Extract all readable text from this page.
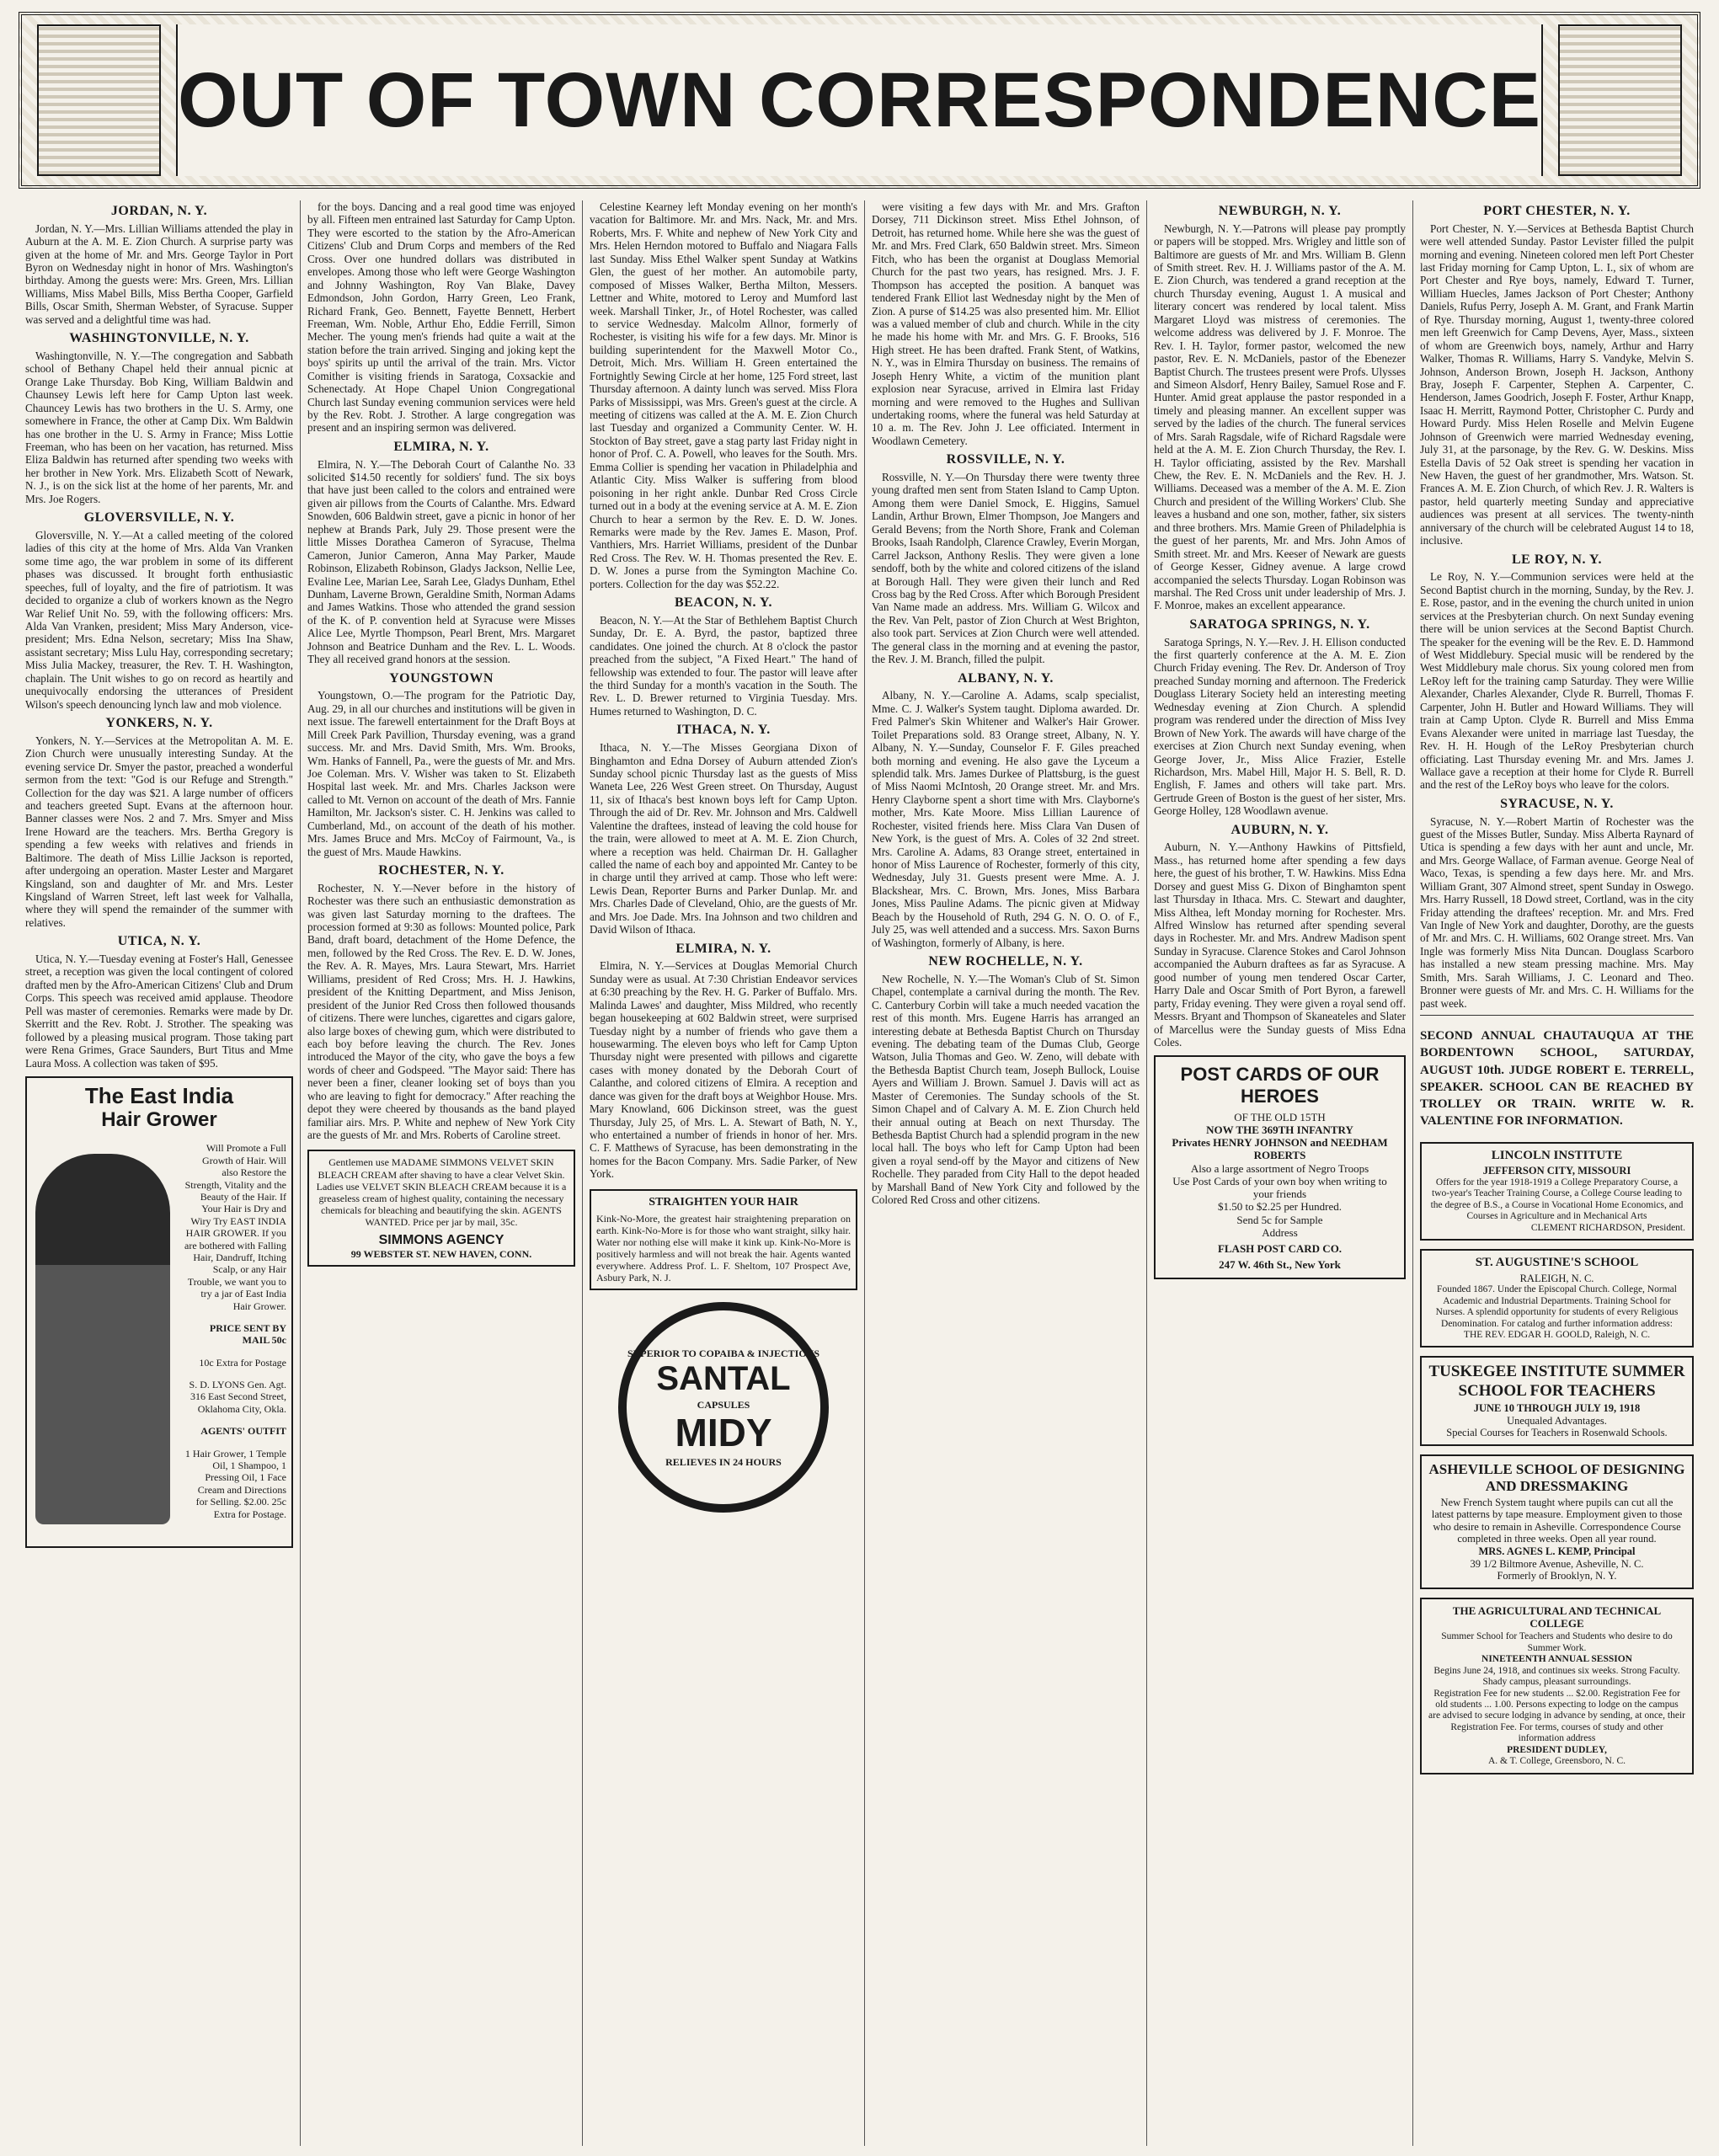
OUT OF TOWN CORRESPONDENCE
JORDAN, N. Y.

Jordan, N. Y.—Mrs. Lillian Williams attended the play in Auburn at the A. M. E. Zion Church. A surprise party was given at the home of Mr. and Mrs. George Taylor in Port Byron on Wednesday night in honor of Mrs. Washington's birthday. Among the guests were: Mrs. Green, Mrs. Lillian Williams, Miss Mabel Bills, Miss Bertha Cooper, Garfield Bills, Oscar Smith, Sherman Webster, of Syracuse. Supper was served and a delightful time was had.

WASHINGTONVILLE, N. Y.

Washingtonville, N. Y.—The congregation and Sabbath school of Bethany Chapel held their annual picnic at Orange Lake Thursday. Bob King, William Baldwin and Chaunsey Lewis left here for Camp Upton last week. Chauncey Lewis has two brothers in the U. S. Army, one somewhere in France, the other at Camp Dix. Wm Baldwin has one brother in the U. S. Army in France; Miss Lottie Freeman, who has been on her vacation, has returned. Miss Eliza Baldwin has returned after spending two weeks with her brother in New York. Mrs. Elizabeth Scott of Newark, N. J., is on the sick list at the home of her parents, Mr. and Mrs. Joe Rogers.

GLOVERSVILLE, N. Y.

Gloversville, N. Y.—At a called meeting of the colored ladies of this city at the home of Mrs. Alda Van Vranken some time ago, the war problem in some of its different phases was discussed. It brought forth enthusiastic speeches, full of loyalty, and the fire of patriotism. It was decided to organize a club of workers known as the Negro War Relief Unit No. 59, with the following officers: Mrs. Alda Van Vranken, president; Miss Mary Anderson, vice-president; Mrs. Edna Nelson, secretary; Miss Ina Shaw, assistant secretary; Miss Lulu Hay, corresponding secretary; Miss Julia Mackey, treasurer, the Rev. T. H. Washington, chaplain. The Unit wishes to go on record as heartily and unequivocally endorsing the utterances of President Wilson's speech denouncing lynch law and mob violence.

YONKERS, N. Y.

Yonkers, N. Y.—Services at the Metropolitan A. M. E. Zion Church were unusually interesting Sunday. At the evening service Dr. Smyer the pastor, preached a wonderful sermon from the text: "God is our Refuge and Strength." Collection for the day was $21. A large number of officers and teachers greeted Supt. Evans at the afternoon hour. Banner classes were Nos. 2 and 7. Mrs. Smyer and Miss Irene Howard are the teachers. Mrs. Bertha Gregory is spending a few weeks with relatives and friends in Baltimore. The death of Miss Lillie Jackson is reported, after undergoing an operation. Master Lester and Margaret Kingsland, son and daughter of Mr. and Mrs. Lester Kingsland of Warren Street, left last week for Valhalla, where they will spend the remainder of the summer with relatives.

UTICA, N. Y.

Utica, N. Y.—Tuesday evening at Foster's Hall, Genessee street, a reception was given the local contingent of colored drafted men by the Afro-American Citizens' Club and Drum Corps. This speech was received amid applause. Theodore Pell was master of ceremonies. Remarks were made by Dr. Skerritt and the Rev. Robt. J. Strother. The speaking was followed by a pleasing musical program. Those taking part were Rena Grimes, Grace Saunders, Burt Titus and Mme Laura Moss. A collection was taken of $95.

The East India
Hair Grower

Will Promote a Full Growth of Hair. Will also Restore the Strength, Vitality and the Beauty of the Hair. If Your Hair is Dry and Wiry Try EAST INDIA HAIR GROWER. If you are bothered with Falling Hair, Dandruff, Itching Scalp, or any Hair Trouble, we want you to try a jar of East India Hair Grower.

PRICE SENT BY MAIL 50c

10c Extra for Postage

S. D. LYONS Gen. Agt. 316 East Second Street, Oklahoma City, Okla.

AGENTS' OUTFIT

1 Hair Grower, 1 Temple Oil, 1 Shampoo, 1 Pressing Oil, 1 Face Cream and Directions for Selling. $2.00. 25c Extra for Postage.

for the boys. Dancing and a real good time was enjoyed by all. Fifteen men entrained last Saturday for Camp Upton. They were escorted to the station by the Afro-American Citizens' Club and Drum Corps and members of the Red Cross. Over one hundred dollars was distributed in envelopes. Among those who left were George Washington and Johnny Washington, Roy Van Blake, Davey Edmondson, John Gordon, Harry Green, Leo Frank, Richard Frank, Geo. Bennett, Fayette Bennett, Herbert Freeman, Wm. Noble, Arthur Eho, Eddie Ferrill, Simon Mecher. The young men's friends had quite a wait at the station before the train arrived. Singing and joking kept the boys' spirits up until the arrival of the train. Mrs. Victor Comither is visiting friends in Saratoga, Coxsackie and Schenectady. At Hope Chapel Union Congregational Church last Sunday evening communion services were held by the Rev. Robt. J. Strother. A large congregation was present and an inspiring sermon was delivered.

ELMIRA, N. Y.

Elmira, N. Y.—The Deborah Court of Calanthe No. 33 solicited $14.50 recently for soldiers' fund. The six boys that have just been called to the colors and entrained were given air pillows from the Courts of Calanthe. Mrs. Edward Snowden, 606 Baldwin street, gave a picnic in honor of her nephew at Brands Park, July 29. Those present were the little Misses Dorathea Cameron of Syracuse, Thelma Cameron, Junior Cameron, Anna May Parker, Maude Robinson, Elizabeth Robinson, Gladys Jackson, Nellie Lee, Evaline Lee, Marian Lee, Sarah Lee, Gladys Dunham, Ethel Dunham, Laverne Brown, Geraldine Smith, Norman Adams and James Watkins. Those who attended the grand session of the K. of P. convention held at Syracuse were Misses Alice Lee, Myrtle Thompson, Pearl Brent, Mrs. Margaret Johnson and Beatrice Dunham and the Rev. L. L. Woods. They all received grand honors at the session.

YOUNGSTOWN

Youngstown, O.—The program for the Patriotic Day, Aug. 29, in all our churches and institutions will be given in next issue. The farewell entertainment for the Draft Boys at Mill Creek Park Pavillion, Thursday evening, was a grand success. Mr. and Mrs. David Smith, Mrs. Wm. Brooks, Wm. Hanks of Fannell, Pa., were the guests of Mr. and Mrs. Joe Coleman. Mrs. V. Wisher was taken to St. Elizabeth Hospital last week. Mr. and Mrs. Charles Jackson were called to Mt. Vernon on account of the death of Mrs. Fannie Hamilton, Mr. Jackson's sister. C. H. Jenkins was called to Cumberland, Md., on account of the death of his mother. Mrs. James Bruce and Mrs. McCoy of Fairmount, Va., is the guest of Mrs. Maude Hawkins.

ROCHESTER, N. Y.

Rochester, N. Y.—Never before in the history of Rochester was there such an enthusiastic demonstration as was given last Saturday morning to the draftees. The procession formed at 9:30 as follows: Mounted police, Park Band, draft board, detachment of the Home Defence, the men, followed by the Red Cross. The Rev. E. D. W. Jones, the Rev. A. R. Mayes, Mrs. Laura Stewart, Mrs. Harriet Williams, president of Red Cross; Mrs. H. J. Hawkins, president of the Knitting Department, and Miss Jenison, president of the Junior Red Cross then followed thousands of citizens. There were lunches, cigarettes and cigars galore, also large boxes of chewing gum, which were distributed to each boy before leaving the church. The Rev. Jones introduced the Mayor of the city, who gave the boys a few words of cheer and Godspeed. "The Mayor said: There has never been a finer, cleaner looking set of boys than you who are leaving to fight for democracy." After reaching the depot they were cheered by thousands as the band played familiar airs. Mrs. P. White and nephew of New York City are the guests of Mr. and Mrs. Roberts of Caroline street.

Gentlemen use MADAME SIMMONS VELVET SKIN BLEACH CREAM after shaving to have a clear Velvet Skin. Ladies use VELVET SKIN BLEACH CREAM because it is a greaseless cream of highest quality, containing the necessary chemicals for bleaching and beautifying the skin. AGENTS WANTED. Price per jar by mail, 35c.

SIMMONS AGENCY
99 WEBSTER ST. NEW HAVEN, CONN.

Celestine Kearney left Monday evening on her month's vacation for Baltimore. Mr. and Mrs. Nack, Mr. and Mrs. Roberts, Mrs. F. White and nephew of New York City and Mrs. Helen Herndon motored to Buffalo and Niagara Falls last Sunday. Miss Ethel Walker spent Sunday at Watkins Glen, the guest of her mother. An automobile party, composed of Misses Walker, Bertha Milton, Messers. Lettner and White, motored to Leroy and Mumford last week. Marshall Tinker, Jr., of Hotel Rochester, was called to service Wednesday. Malcolm Allnor, formerly of Rochester, is visiting his wife for a few days. Mr. Minor is building superintendent for the Maxwell Motor Co., Detroit, Mich. Mrs. William H. Green entertained the Fortnightly Sewing Circle at her home, 125 Ford street, last Thursday afternoon. A dainty lunch was served. Miss Flora Parks of Mississippi, was Mrs. Green's guest at the circle. A meeting of citizens was called at the A. M. E. Zion Church last Tuesday and organized a Community Center. W. H. Stockton of Bay street, gave a stag party last Friday night in honor of Prof. C. A. Powell, who leaves for the South. Mrs. Emma Collier is spending her vacation in Philadelphia and Atlantic City. Miss Walker is suffering from blood poisoning in her right ankle. Dunbar Red Cross Circle turned out in a body at the evening service at A. M. E. Zion Church to hear a sermon by the Rev. E. D. W. Jones. Remarks were made by the Rev. James E. Mason, Prof. Vanthiers, Mrs. Harriet Williams, president of the Dunbar Red Cross. The Rev. W. H. Thomas presented the Rev. E. D. W. Jones a purse from the Symington Machine Co. porters. Collection for the day was $52.22.

BEACON, N. Y.

Beacon, N. Y.—At the Star of Bethlehem Baptist Church Sunday, Dr. E. A. Byrd, the pastor, baptized three candidates. One joined the church. At 8 o'clock the pastor preached from the subject, "A Fixed Heart." The hand of fellowship was extended to four. The pastor will leave after the third Sunday for a month's vacation in the South. The Rev. L. D. Brewer returned to Virginia Tuesday. Mrs. Humes returned to Washington, D. C.

ITHACA, N. Y.

Ithaca, N. Y.—The Misses Georgiana Dixon of Binghamton and Edna Dorsey of Auburn attended Zion's Sunday school picnic Thursday last as the guests of Miss Waneta Lee, 226 West Green street. On Thursday, August 11, six of Ithaca's best known boys left for Camp Upton. Through the aid of Dr. Rev. Mr. Johnson and Mrs. Caldwell Valentine the draftees, instead of leaving the cold house for the train, were allowed to meet at A. M. E. Zion Church, where a reception was held. Chairman Dr. H. Gallagher called the name of each boy and appointed Mr. Cantey to be in charge until they arrived at camp. Those who left were: Lewis Dean, Reporter Burns and Parker Dunlap. Mr. and Mrs. Charles Dade of Cleveland, Ohio, are the guests of Mr. and Mrs. Joe Dade. Mrs. Ina Johnson and two children and David Wilson of Ithaca.

ELMIRA, N. Y.

Elmira, N. Y.—Services at Douglas Memorial Church Sunday were as usual. At 7:30 Christian Endeavor services at 6:30 preaching by the Rev. H. G. Parker of Buffalo. Mrs. Malinda Lawes' and daughter, Miss Mildred, who recently began housekeeping at 602 Baldwin street, were surprised Tuesday night by a number of friends who gave them a housewarming. The eleven boys who left for Camp Upton Thursday night were presented with pillows and cigarette cases with money donated by the Deborah Court of Calanthe, and colored citizens of Elmira. A reception and dance was given for the draft boys at Weighbor House. Mrs. Mary Knowland, 606 Dickinson street, was the guest Thursday, July 25, of Mrs. L. A. Stewart of Bath, N. Y., who entertained a number of friends in honor of her. Mrs. C. F. Matthews of Syracuse, has been demonstrating in the homes for the Bacon Company. Mrs. Sadie Parker, of New York.

STRAIGHTEN YOUR HAIR

Kink-No-More, the greatest hair straightening preparation on earth. Kink-No-More is for those who want straight, silky hair. Water nor nothing else will make it kink up. Kink-No-More is positively harmless and will not break the hair. Agents wanted everywhere. Address Prof. L. F. Sheltom, 107 Prospect Ave, Asbury Park, N. J.

SUPERIOR TO COPAIBA & INJECTIONS
SANTAL
CAPSULES
MIDY
RELIEVES IN 24 HOURS

were visiting a few days with Mr. and Mrs. Grafton Dorsey, 711 Dickinson street. Miss Ethel Johnson, of Detroit, has returned home. While here she was the guest of Mr. and Mrs. Fred Clark, 650 Baldwin street. Mrs. Simeon Fitch, who has been the organist at Douglass Memorial Church for the past two years, has resigned. Mrs. J. F. Thompson has accepted the position. A banquet was tendered Frank Elliot last Wednesday night by the Men of Zion. A purse of $14.25 was also presented him. Mr. Elliot was a valued member of club and church. While in the city he made his home with Mr. and Mrs. G. F. Brooks, 516 High street. He has been drafted. Frank Stent, of Watkins, N. Y., was in Elmira Thursday on business. The remains of Joseph Henry White, a victim of the munition plant explosion near Syracuse, arrived in Elmira last Friday morning and were removed to the Hughes and Sullivan undertaking rooms, where the funeral was held Saturday at 10 a. m. The Rev. John J. Lee officiated. Interment in Woodlawn Cemetery.

ROSSVILLE, N. Y.

Rossville, N. Y.—On Thursday there were twenty three young drafted men sent from Staten Island to Camp Upton. Among them were Daniel Smock, E. Higgins, Samuel Landin, Arthur Brown, Elmer Thompson, Joe Mangers and Gerald Bevens; from the North Shore, Frank and Coleman Brooks, Isaah Randolph, Clarence Crawley, Everin Morgan, Carrel Jackson, Anthony Reslis. They were given a lone sendoff, both by the white and colored citizens of the island at Borough Hall. They were given their lunch and Red Cross bag by the Red Cross. After which Borough President Van Name made an address. Mrs. William G. Wilcox and the Rev. Van Pelt, pastor of Zion Church at West Brighton, also took part. Services at Zion Church were well attended. The general class in the morning and at evening the pastor, the Rev. J. M. Branch, filled the pulpit.

ALBANY, N. Y.

Albany, N. Y.—Caroline A. Adams, scalp specialist, Mme. C. J. Walker's System taught. Diploma awarded. Dr. Fred Palmer's Skin Whitener and Walker's Hair Grower. Toilet Preparations sold. 83 Orange street, Albany, N. Y. Albany, N. Y.—Sunday, Counselor F. F. Giles preached both morning and evening. He also gave the Lyceum a splendid talk. Mrs. James Durkee of Plattsburg, is the guest of Miss Naomi McIntosh, 20 Orange street. Mr. and Mrs. Henry Clayborne spent a short time with Mrs. Clayborne's mother, Mrs. Kate Moore. Miss Lillian Laurence of Rochester, visited friends here. Miss Clara Van Dusen of New York, is the guest of Mrs. A. Coles of 32 2nd street. Mrs. Caroline A. Adams, 83 Orange street, entertained in honor of Miss Laurence of Rochester, formerly of this city, Wednesday, July 31. Guests present were Mme. A. J. Blackshear, Mrs. C. Brown, Mrs. Jones, Miss Barbara Jones, Miss Pauline Adams. The picnic given at Midway Beach by the Household of Ruth, 294 G. N. O. O. of F., July 25, was well attended and a success. Mrs. Saxon Burns of Washington, formerly of Albany, is here.

NEW ROCHELLE, N. Y.

New Rochelle, N. Y.—The Woman's Club of St. Simon Chapel, contemplate a carnival during the month. The Rev. C. Canterbury Corbin will take a much needed vacation the rest of this month. Mrs. Eugene Harris has arranged an interesting debate at Bethesda Baptist Church on Thursday evening. The debating team of the Dumas Club, George Watson, Julia Thomas and Geo. W. Zeno, will debate with the Bethesda Baptist Church team, Joseph Bullock, Louise Ayers and William J. Brown. Samuel J. Davis will act as Master of Ceremonies. The Sunday schools of the St. Simon Chapel and of Calvary A. M. E. Zion Church held their annual outing at Beach on next Thursday. The Bethesda Baptist Church had a splendid program in the new local hall. The boys who left for Camp Upton had been given a royal send-off by the Mayor and citizens of New Rochelle. They paraded from City Hall to the depot headed by Marshall Band of New York City and followed by the Colored Red Cross and other citizens.

NEWBURGH, N. Y.

Newburgh, N. Y.—Patrons will please pay promptly or papers will be stopped. Mrs. Wrigley and little son of Baltimore are guests of Mr. and Mrs. William B. Glenn of Smith street. Rev. H. J. Williams pastor of the A. M. E. Zion Church, was tendered a grand reception at the church Thursday evening, August 1. A musical and literary concert was rendered by local talent. Miss Margaret Lloyd was mistress of ceremonies. The welcome address was delivered by J. F. Monroe. The Rev. I. H. Taylor, former pastor, welcomed the new pastor, Rev. E. N. McDaniels, pastor of the Ebenezer Baptist Church. The trustees present were Profs. Ulysses and Simeon Alsdorf, Henry Bailey, Samuel Rose and F. Hunter. Amid great applause the pastor responded in a timely and pleasing manner. An excellent supper was served by the ladies of the church. The funeral services of Mrs. Sarah Ragsdale, wife of Richard Ragsdale were held at the A. M. E. Zion Church Thursday, the Rev. I. H. Taylor officiating, assisted by the Rev. Marshall Chew, the Rev. E. N. McDaniels and the Rev. H. J. Williams. Deceased was a member of the A. M. E. Zion Church and president of the Willing Workers' Club. She leaves a husband and one son, mother, father, six sisters and three brothers. Mrs. Mamie Green of Philadelphia is the guest of her parents, Mr. and Mrs. John Amos of Smith street. Mr. and Mrs. Keeser of Newark are guests of George Kesser, Gidney avenue. A large crowd accompanied the selects Thursday. Logan Robinson was marshal. The Red Cross unit under leadership of Mrs. J. F. Monroe, makes an excellent appearance.

SARATOGA SPRINGS, N. Y.

Saratoga Springs, N. Y.—Rev. J. H. Ellison conducted the first quarterly conference at the A. M. E. Zion Church Friday evening. The Rev. Dr. Anderson of Troy preached Sunday morning and afternoon. The Frederick Douglass Literary Society held an interesting meeting Wednesday evening at Zion Church. A splendid program was rendered under the direction of Miss Ivey Brown of New York. The awards will have charge of the exercises at Zion Church next Sunday evening, when George Jover, Jr., Miss Alice Frazier, Estelle Richardson, Mrs. Mabel Hill, Major H. S. Bell, R. D. English, F. James and others will take part. Mrs. Gertrude Green of Boston is the guest of her sister, Mrs. George Holley, 128 Woodlawn avenue.

AUBURN, N. Y.

Auburn, N. Y.—Anthony Hawkins of Pittsfield, Mass., has returned home after spending a few days here, the guest of his brother, T. W. Hawkins. Miss Edna Dorsey and guest Miss G. Dixon of Binghamton spent last Thursday in Ithaca. Mrs. C. Stewart and daughter, Miss Althea, left Monday morning for Rochester. Mrs. Alfred Winslow has returned after spending several days in Rochester. Mr. and Mrs. Andrew Madison spent Sunday in Syracuse. Clarence Stokes and Carol Johnson accompanied the Auburn draftees as far as Syracuse. A good number of young men tendered Oscar Carter, Harry Dale and Oscar Smith of Port Byron, a farewell party, Friday evening. They were given a royal send off. Messrs. Bryant and Thompson of Skaneateles and Slater of Marcellus were the Sunday guests of Miss Edna Coles.

POST CARDS OF OUR HEROES
OF THE OLD 15TH
NOW THE 369TH INFANTRY
Privates HENRY JOHNSON and NEEDHAM ROBERTS
Also a large assortment of Negro Troops
Use Post Cards of your own boy when writing to your friends
$1.50 to $2.25 per Hundred.
Send 5c for Sample
Address
FLASH POST CARD CO.
247 W. 46th St., New York
PORT CHESTER, N. Y.

Port Chester, N. Y.—Services at Bethesda Baptist Church were well attended Sunday. Pastor Levister filled the pulpit morning and evening. Nineteen colored men left Port Chester last Friday morning for Camp Upton, L. I., six of whom are Port Chester and Rye boys, namely, Edward T. Turner, William Huecles, James Jackson of Port Chester; Anthony Daniels, Rufus Perry, Joseph A. M. Grant, and Frank Martin of Rye. Thursday morning, August 1, twenty-three colored men left Greenwich for Camp Devens, Ayer, Mass., sixteen of whom are Greenwich boys, namely, Arthur and Harry Walker, Thomas R. Williams, Harry S. Vandyke, Melvin S. Johnson, Anderson Brown, Joseph H. Jackson, Anthony Bray, Joseph F. Carpenter, Stephen A. Carpenter, C. Henderson, James Goodrich, Joseph F. Foster, Arthur Knapp, Isaac H. Merritt, Raymond Potter, Christopher C. Purdy and Howard Purdy. Miss Helen Roselle and Melvin Eugene Johnson of Greenwich were married Wednesday evening, July 31, at the parsonage, by the Rev. G. W. Deskins. Miss Estella Davis of 52 Oak street is spending her vacation in New Haven, the guest of her grandmother, Mrs. Watson. St. Frances A. M. E. Zion Church, of which Rev. J. R. Walters is pastor, held quarterly meeting Sunday and appreciative audiences was present at all services. The twenty-ninth anniversary of the church will be celebrated August 14 to 18, inclusive.

LE ROY, N. Y.

Le Roy, N. Y.—Communion services were held at the Second Baptist church in the morning, Sunday, by the Rev. J. E. Rose, pastor, and in the evening the church united in union services at the Presbyterian church. On next Sunday evening there will be union services at the Second Baptist Church. The speaker for the evening will be the Rev. E. D. Hammond of West Middlebury. Special music will be rendered by the West Middlebury male chorus. Six young colored men from LeRoy left for the training camp Saturday. They were Willie Alexander, Charles Alexander, Clyde R. Burrell, Thomas F. Carpenter, John H. Butler and Howard Williams. They will train at Camp Upton. Clyde R. Burrell and Miss Emma Evans Alexander were united in marriage last Tuesday, the Rev. H. H. Hough of the LeRoy Presbyterian church officiating. Last Thursday evening Mr. and Mrs. James J. Wallace gave a reception at their home for Clyde R. Burrell and the rest of the LeRoy boys who leave for the colors.

SYRACUSE, N. Y.

Syracuse, N. Y.—Robert Martin of Rochester was the guest of the Misses Butler, Sunday. Miss Alberta Raynard of Utica is spending a few days with her aunt and uncle, Mr. and Mrs. George Wallace, of Farman avenue. George Neal of Waco, Texas, is spending a few days here. Mr. and Mrs. William Grant, 307 Almond street, spent Sunday in Oswego. Mrs. Harry Russell, 18 Dowd street, Cortland, was in the city Friday attending the draftees' reception. Mr. and Mrs. Fred Van Ingle of New York and daughter, Dorothy, are the guests of Mr. and Mrs. C. H. Williams, 602 Orange street. Mrs. Van Ingle was formerly Miss Nita Duncan. Douglass Scarboro has installed a new steam pressing machine. Mrs. May Smith, Mrs. Sarah Williams, J. C. Leonard and Theo. Bronner were guests of Mr. and Mrs. C. H. Williams for the past week.

SECOND ANNUAL CHAUTAUQUA AT THE BORDENTOWN SCHOOL, SATURDAY, AUGUST 10th. JUDGE ROBERT E. TERRELL, SPEAKER. SCHOOL CAN BE REACHED BY TROLLEY OR TRAIN. WRITE W. R. VALENTINE FOR INFORMATION.
LINCOLN INSTITUTE
JEFFERSON CITY, MISSOURI
Offers for the year 1918-1919 a College Preparatory Course, a two-year's Teacher Training Course, a College Course leading to the degree of B.S., a Course in Vocational Home Economics, and Courses in Agriculture and in Mechanical Arts
CLEMENT RICHARDSON, President.
ST. AUGUSTINE'S SCHOOL
RALEIGH, N. C.
Founded 1867. Under the Episcopal Church. College, Normal Academic and Industrial Departments. Training School for Nurses. A splendid opportunity for students of every Religious Denomination. For catalog and further information address:
THE REV. EDGAR H. GOOLD, Raleigh, N. C.
TUSKEGEE INSTITUTE SUMMER SCHOOL FOR TEACHERS
JUNE 10 THROUGH JULY 19, 1918
Unequaled Advantages.
Special Courses for Teachers in Rosenwald Schools.
ASHEVILLE SCHOOL OF DESIGNING AND DRESSMAKING
New French System taught where pupils can cut all the latest patterns by tape measure. Employment given to those who desire to remain in Asheville. Correspondence Course completed in three weeks. Open all year round.
MRS. AGNES L. KEMP, Principal
39 1/2 Biltmore Avenue, Asheville, N. C.
Formerly of Brooklyn, N. Y.
THE AGRICULTURAL AND TECHNICAL COLLEGE
Summer School for Teachers and Students who desire to do Summer Work.
NINETEENTH ANNUAL SESSION
Begins June 24, 1918, and continues six weeks. Strong Faculty. Shady campus, pleasant surroundings.
Registration Fee for new students ... $2.00. Registration Fee for old students ... 1.00. Persons expecting to lodge on the campus are advised to secure lodging in advance by sending, at once, their Registration Fee. For terms, courses of study and other information address
PRESIDENT DUDLEY,
A. & T. College, Greensboro, N. C.
